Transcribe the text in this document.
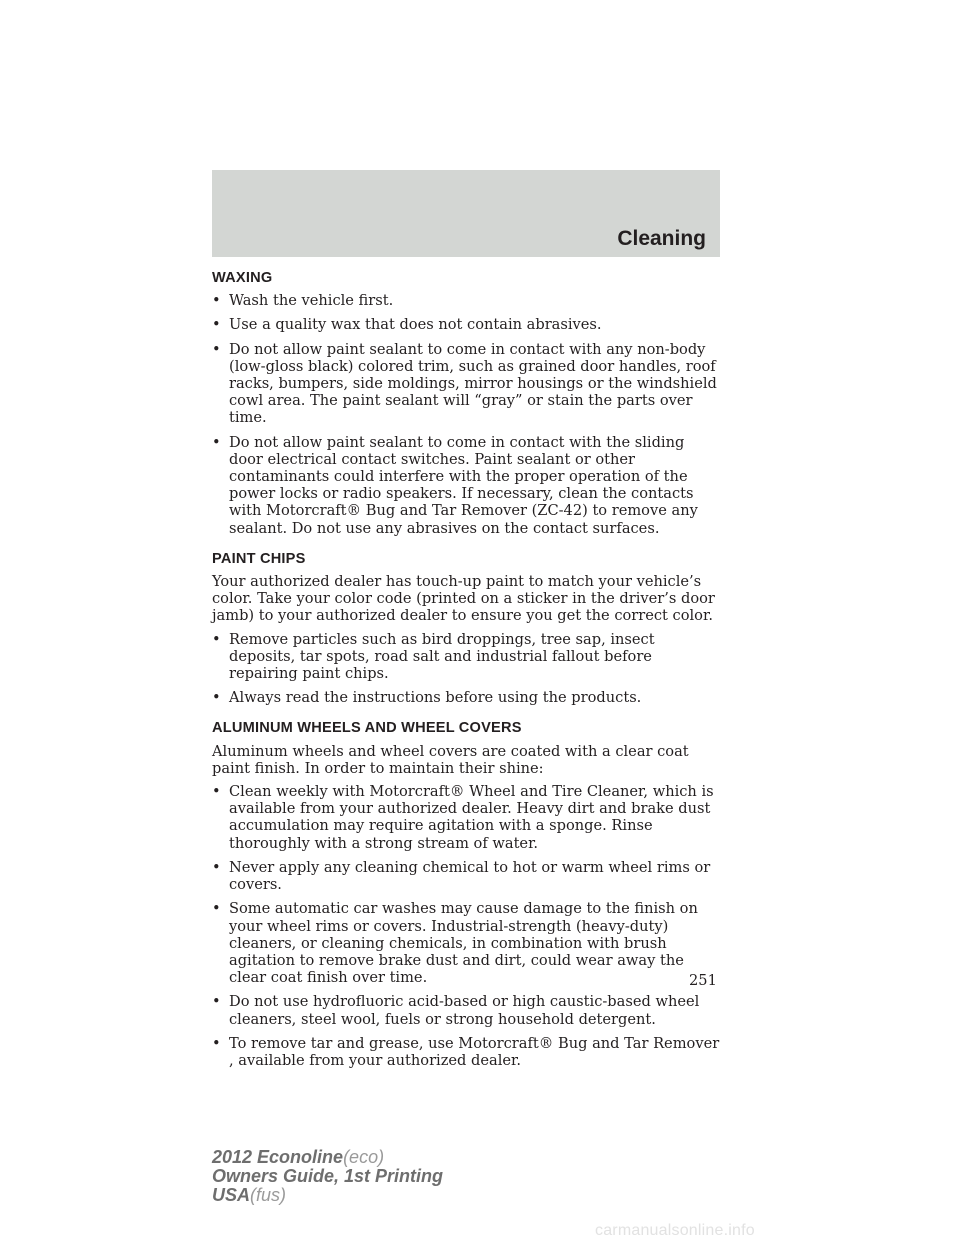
Cleaning
WAXING
• Wash the vehicle first.
• Use a quality wax that does not contain abrasives.
• Do not allow paint sealant to come in contact with any non-body (low-gloss black) colored trim, such as grained door handles, roof racks, bumpers, side moldings, mirror housings or the windshield cowl area. The paint sealant will “gray” or stain the parts over time.
• Do not allow paint sealant to come in contact with the sliding door electrical contact switches. Paint sealant or other contaminants could interfere with the proper operation of the power locks or radio speakers. If necessary, clean the contacts with Motorcraft® Bug and Tar Remover (ZC-42) to remove any sealant. Do not use any abrasives on the contact surfaces.
PAINT CHIPS

Your authorized dealer has touch-up paint to match your vehicle’s color. Take your color code (printed on a sticker in the driver’s door jamb) to your authorized dealer to ensure you get the correct color.

• Remove particles such as bird droppings, tree sap, insect deposits, tar spots, road salt and industrial fallout before repairing paint chips.
• Always read the instructions before using the products.
ALUMINUM WHEELS AND WHEEL COVERS

Aluminum wheels and wheel covers are coated with a clear coat paint finish. In order to maintain their shine:

• Clean weekly with Motorcraft® Wheel and Tire Cleaner, which is available from your authorized dealer. Heavy dirt and brake dust accumulation may require agitation with a sponge. Rinse thoroughly with a strong stream of water.
• Never apply any cleaning chemical to hot or warm wheel rims or covers.
• Some automatic car washes may cause damage to the finish on your wheel rims or covers. Industrial-strength (heavy-duty) cleaners, or cleaning chemicals, in combination with brush agitation to remove brake dust and dirt, could wear away the clear coat finish over time.
• Do not use hydrofluoric acid-based or high caustic-based wheel cleaners, steel wool, fuels or strong household detergent.
• To remove tar and grease, use Motorcraft® Bug and Tar Remover , available from your authorized dealer.
251
2012 Econoline(eco)
Owners Guide, 1st Printing
USA(fus)
carmanualsonline.info
